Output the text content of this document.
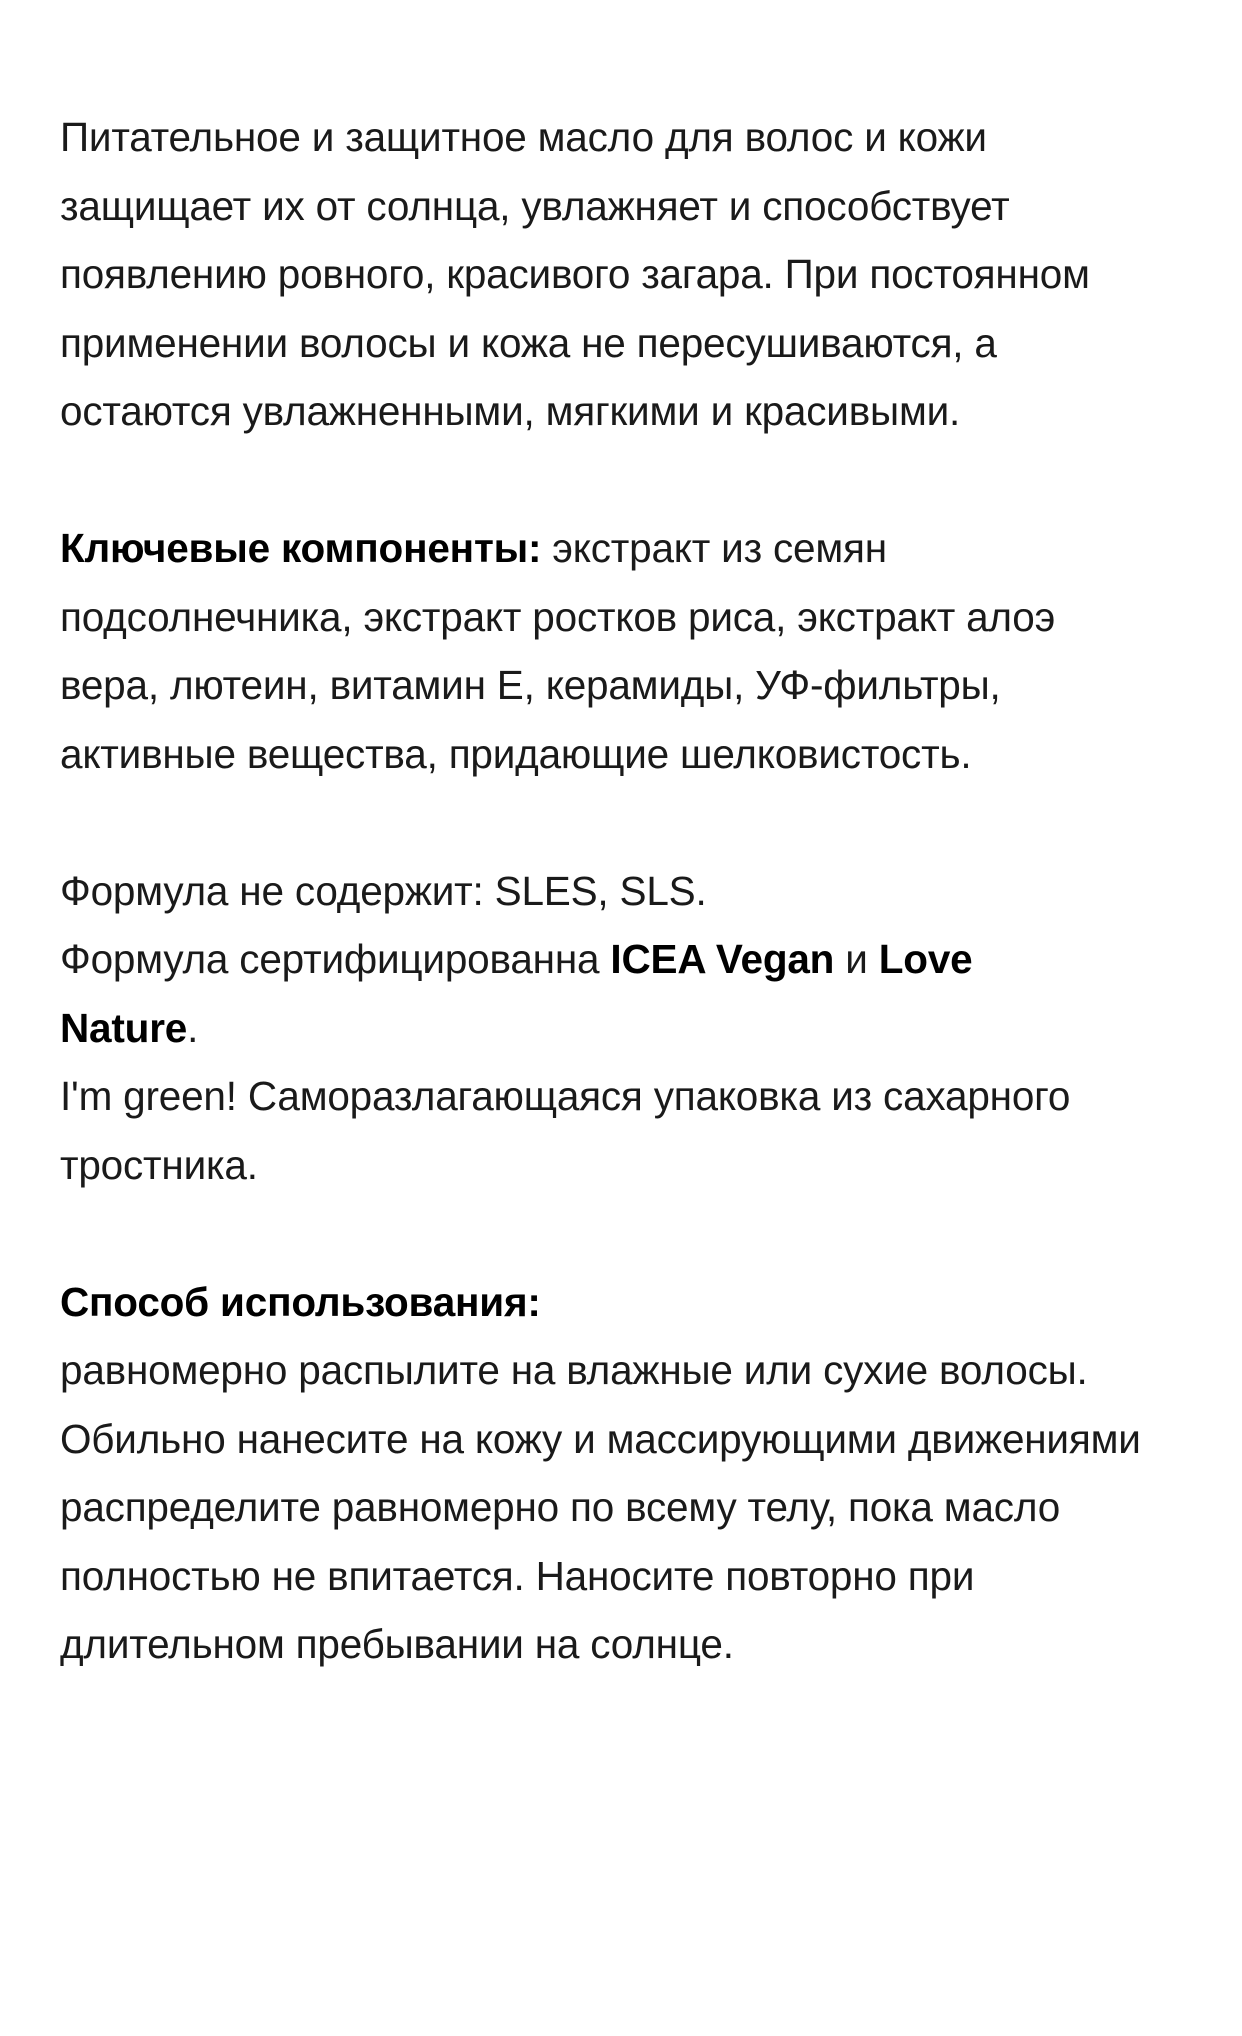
Питательное и защитное масло для волос и кожи защищает их от солнца, увлажняет и способствует появлению ровного, красивого загара. При постоянном применении волосы и кожа не пересушиваются, а остаются увлажненными, мягкими и красивыми.

Ключевые компоненты: экстракт из семян подсолнечника, экстракт ростков риса, экстракт алоэ вера, лютеин, витамин Е, керамиды, УФ-фильтры, активные вещества, придающие шелковистость.

Формула не содержит: SLES, SLS.

Формула сертифицированна ICEA Vegan и Love Nature.

I'm green! Саморазлагающаяся упаковка из сахарного тростника.

Способ использования:

равномерно распылите на влажные или сухие волосы. Обильно нанесите на кожу и массирующими движениями распределите равномерно по всему телу, пока масло полностью не впитается. Наносите повторно при длительном пребывании на солнце.
